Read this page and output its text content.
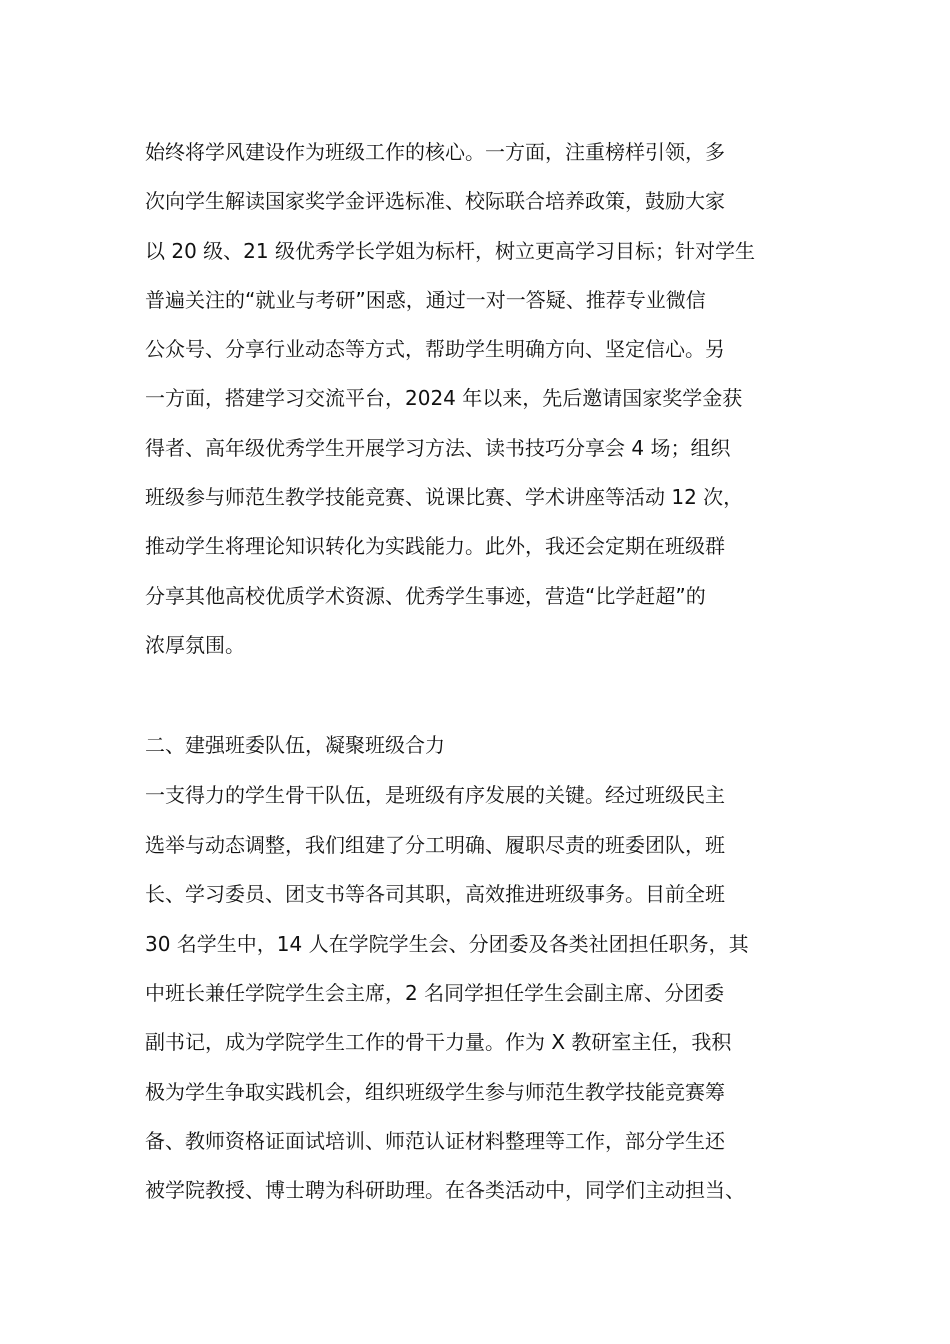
始终将学风建设作为班级工作的核心。一方面，注重榜样引领，多
次向学生解读国家奖学金评选标准、校际联合培养政策，鼓励大家
以 20 级、21 级优秀学长学姐为标杆，树立更高学习目标；针对学生
普遍关注的“就业与考研”困惑，通过一对一答疑、推荐专业微信
公众号、分享行业动态等方式，帮助学生明确方向、坚定信心。另
一方面，搭建学习交流平台，2024 年以来，先后邀请国家奖学金获
得者、高年级优秀学生开展学习方法、读书技巧分享会 4 场；组织
班级参与师范生教学技能竞赛、说课比赛、学术讲座等活动 12 次，
推动学生将理论知识转化为实践能力。此外，我还会定期在班级群
分享其他高校优质学术资源、优秀学生事迹，营造“比学赶超”的
浓厚氛围。
二、建强班委队伍，凝聚班级合力
一支得力的学生骨干队伍，是班级有序发展的关键。经过班级民主
选举与动态调整，我们组建了分工明确、履职尽责的班委团队，班
长、学习委员、团支书等各司其职，高效推进班级事务。目前全班
30 名学生中，14 人在学院学生会、分团委及各类社团担任职务，其
中班长兼任学院学生会主席，2 名同学担任学生会副主席、分团委
副书记，成为学院学生工作的骨干力量。作为 X 教研室主任，我积
极为学生争取实践机会，组织班级学生参与师范生教学技能竞赛筹
备、教师资格证面试培训、师范认证材料整理等工作，部分学生还
被学院教授、博士聘为科研助理。在各类活动中，同学们主动担当、
